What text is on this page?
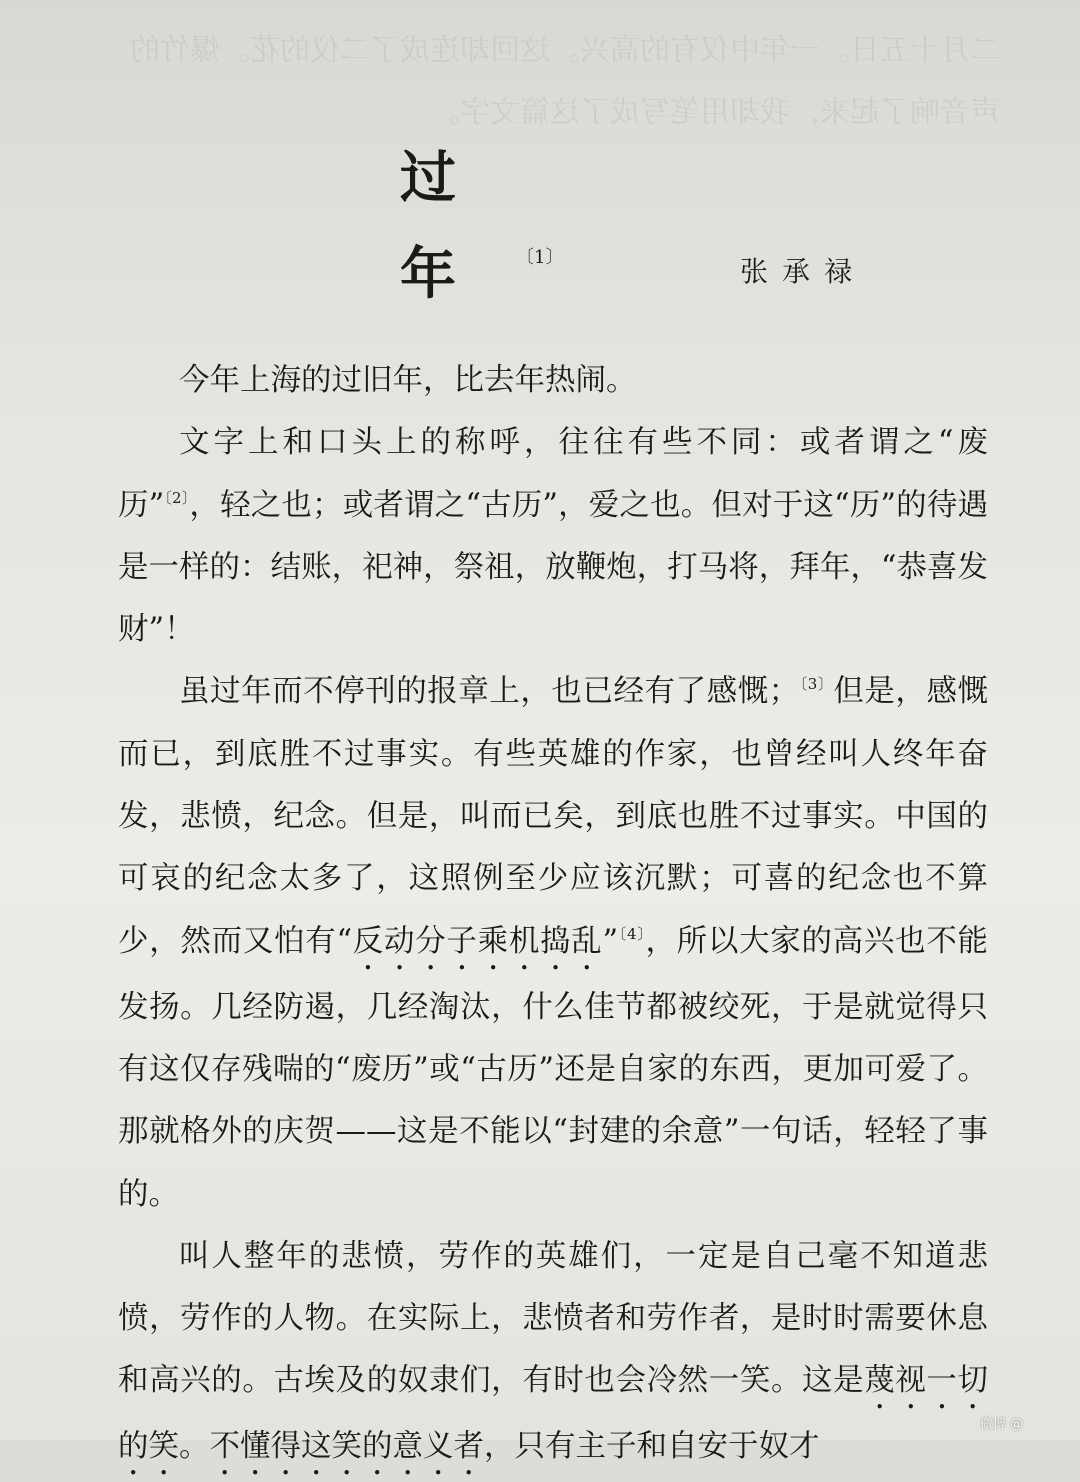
二月十五日。一年中仅有的高兴。这回却连成了二仪的花。爆竹的声音响了起来，我却用笔写成了这篇文字。
过　年$^{〔1〕}$	张承禄

今年上海的过旧年，比去年热闹。

文字上和口头上的称呼，往往有些不同：或者谓之“废历”$^{〔2〕}$，轻之也；或者谓之“古历”，爱之也。但对于这“历”的待遇是一样的：结账，祀神，祭祖，放鞭炮，打马将，拜年，“恭喜发财”！

虽过年而不停刊的报章上，也已经有了感慨；$^{〔3〕}$但是，感慨而已，到底胜不过事实。有些英雄的作家，也曾经叫人终年奋发，悲愤，纪念。但是，叫而已矣，到底也胜不过事实。中国的可哀的纪念太多了，这照例至少应该沉默；可喜的纪念也不算少，然而又怕有“反动分子乘机捣乱”$^{〔4〕}$，所以大家的高兴也不能发扬。几经防遏，几经淘汰，什么佳节都被绞死，于是就觉得只有这仅存残喘的“废历”或“古历”还是自家的东西，更加可爱了。那就格外的庆贺——这是不能以“封建的余意”一句话，轻轻了事的。

叫人整年的悲愤，劳作的英雄们，一定是自己毫不知道悲愤，劳作的人物。在实际上，悲愤者和劳作者，是时时需要休息和高兴的。古埃及的奴隶们，有时也会冷然一笑。这是蔑视一切的笑。不懂得这笑的意义者，只有主子和自安于奴才

微博 @
